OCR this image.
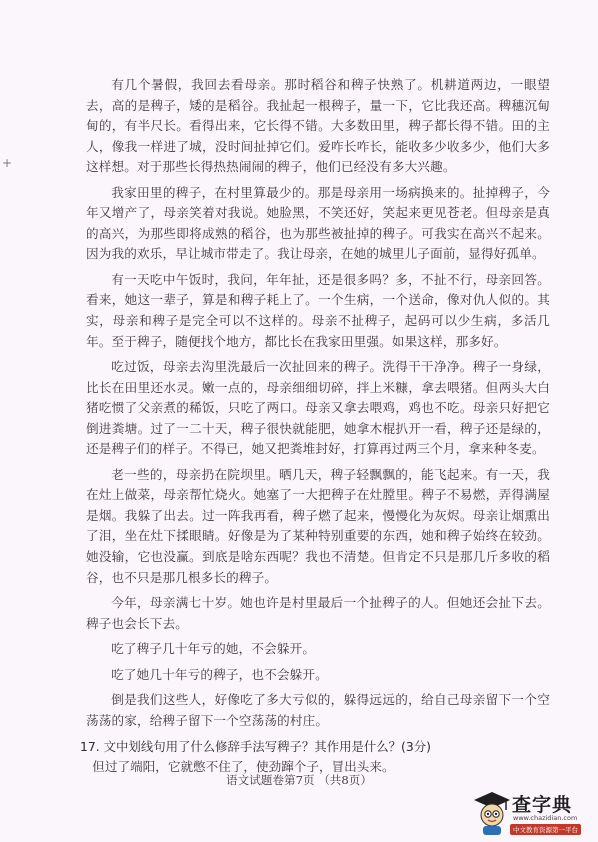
+

有几个暑假，我回去看母亲。那时稻谷和稗子快熟了。机耕道两边，一眼望去，高的是稗子，矮的是稻谷。我扯起一根稗子，量一下，它比我还高。稗穗沉甸甸的，有半尺长。看得出来，它长得不错。大多数田里，稗子都长得不错。田的主人，像我一样进了城，没时间扯掉它们。爱咋长咋长，能收多少收多少，他们大多这样想。对于那些长得热热闹闹的稗子，他们已经没有多大兴趣。

我家田里的稗子，在村里算最少的。那是母亲用一场病换来的。扯掉稗子，今年又增产了，母亲笑着对我说。她脸黑，不笑还好，笑起来更见苍老。但母亲是真的高兴，为那些即将成熟的稻谷，也为那些被扯掉的稗子。可我实在高兴不起来。因为我的欢乐，早让城市带走了。我让母亲，在她的城里儿子面前，显得好孤单。

有一天吃中午饭时，我问，年年扯，还是很多吗？多，不扯不行，母亲回答。看来，她这一辈子，算是和稗子耗上了。一个生病，一个送命，像对仇人似的。其实，母亲和稗子是完全可以不这样的。母亲不扯稗子，起码可以少生病，多活几年。至于稗子，随便找个地方，都比长在我家田里强。如果这样，那多好。

吃过饭，母亲去沟里洗最后一次扯回来的稗子。洗得干干净净。稗子一身绿，比长在田里还水灵。嫩一点的，母亲细细切碎，拌上米糠，拿去喂猪。但两头大白猪吃惯了父亲煮的稀饭，只吃了两口。母亲又拿去喂鸡，鸡也不吃。母亲只好把它倒进粪塘。过了一二十天，稗子很快就能肥，她拿木棍扒开一看，稗子还是绿的，还是稗子们的样子。不得已，她又把粪堆封好，打算再过两三个月，拿来种冬麦。

老一些的，母亲扔在院坝里。晒几天，稗子轻飘飘的，能飞起来。有一天，我在灶上做菜，母亲帮忙烧火。她塞了一大把稗子在灶膛里。稗子不易燃，弄得满屋是烟。我躲了出去。过一阵我再看，稗子燃了起来，慢慢化为灰烬。母亲让烟熏出了泪，坐在灶下揉眼睛。好像是为了某种特别重要的东西，她和稗子始终在较劲。她没输，它也没赢。到底是啥东西呢？我也不清楚。但肯定不只是那几斤多收的稻谷，也不只是那几根多长的稗子。

今年，母亲满七十岁。她也许是村里最后一个扯稗子的人。但她还会扯下去。稗子也会长下去。

吃了稗子几十年亏的她，不会躲开。

吃了她几十年亏的稗子，也不会躲开。

倒是我们这些人，好像吃了多大亏似的，躲得远远的，给自己母亲留下一个空荡荡的家，给稗子留下一个空荡荡的村庄。

17. 文中划线句用了什么修辞手法写稗子？其作用是什么？(3分)

但过了端阳，它就憋不住了，使劲蹿个子，冒出头来。

语文试题卷第7页 （共8页）
查字典
www.chazidian.com
中文教育资源第一平台
